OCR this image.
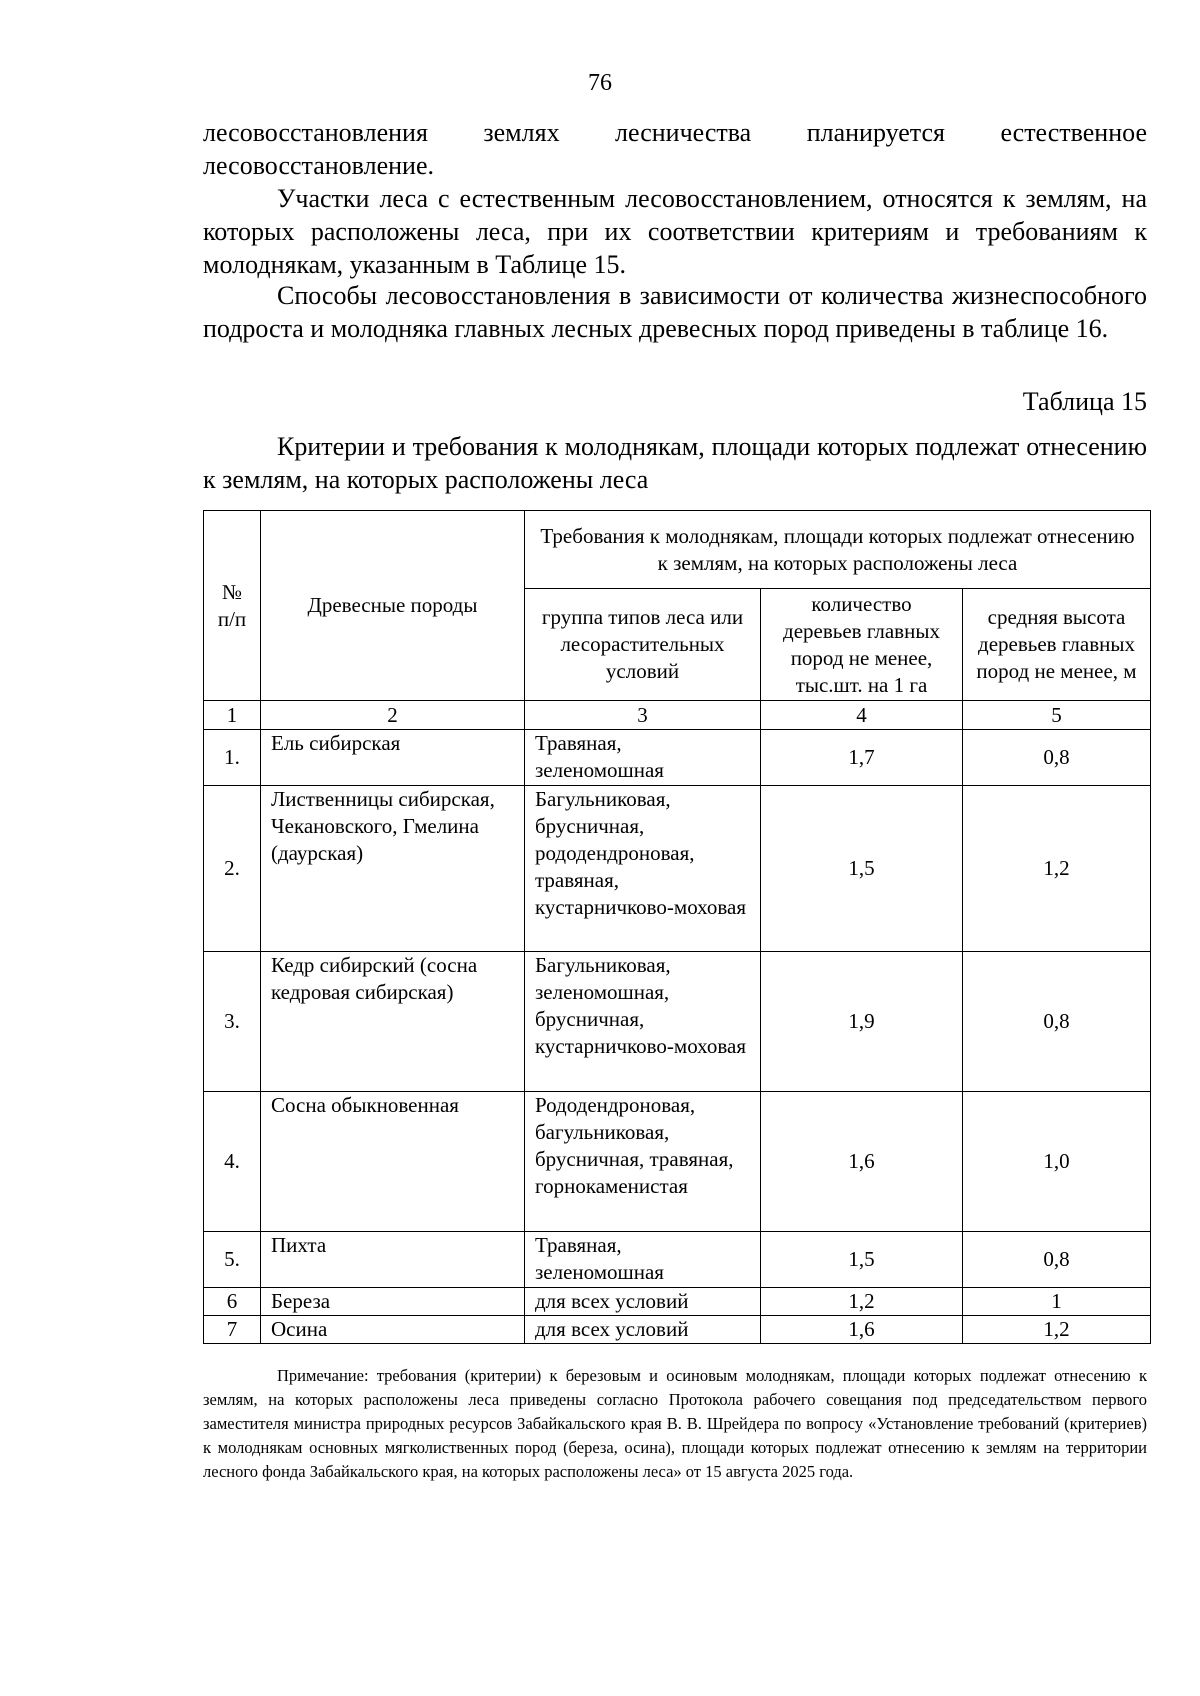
76
лесовосстановления землях лесничества планируется естественное
лесовосстановление.
Участки леса с естественным лесовосстановлением, относятся к землям, на которых расположены леса, при их соответствии критериям и требованиям к молоднякам, указанным в Таблице 15.
Способы лесовосстановления в зависимости от количества жизнеспособного подроста и молодняка главных лесных древесных пород приведены в таблице 16.
Таблица 15
Критерии и требования к молоднякам, площади которых подлежат отнесению к землям, на которых расположены леса
№ п/п	Древесные породы	Требования к молоднякам, площади которых подлежат отнесению к землям, на которых расположены леса		
		группа типов леса или лесорастительных условий	количество деревьев главных пород не менее, тыс.шт. на 1 га	средняя высота деревьев главных пород не менее, м
1	2	3	4	5
1.	Ель сибирская	Травяная, зеленомошная	1,7	0,8
2.	Лиственницы сибирская, Чекановского, Гмелина (даурская)	Багульниковая, брусничная, рододендроновая, травяная, кустарничково-моховая	1,5	1,2
3.	Кедр сибирский (сосна кедровая сибирская)	Багульниковая, зеленомошная, брусничная, кустарничково-моховая	1,9	0,8
4.	Сосна обыкновенная	Рододендроновая, багульниковая, брусничная, травяная, горнокаменистая	1,6	1,0
5.	Пихта	Травяная, зеленомошная	1,5	0,8
6	Береза	для всех условий	1,2	1
7	Осина	для всех условий	1,6	1,2
Примечание: требования (критерии) к березовым и осиновым молоднякам, площади которых подлежат отнесению к землям, на которых расположены леса приведены согласно Протокола рабочего совещания под председательством первого заместителя министра природных ресурсов Забайкальского края В. В. Шрейдера по вопросу «Установление требований (критериев) к молоднякам основных мягколиственных пород (береза, осина), площади которых подлежат отнесению к землям на территории лесного фонда Забайкальского края, на которых расположены леса» от 15 августа 2025 года.
